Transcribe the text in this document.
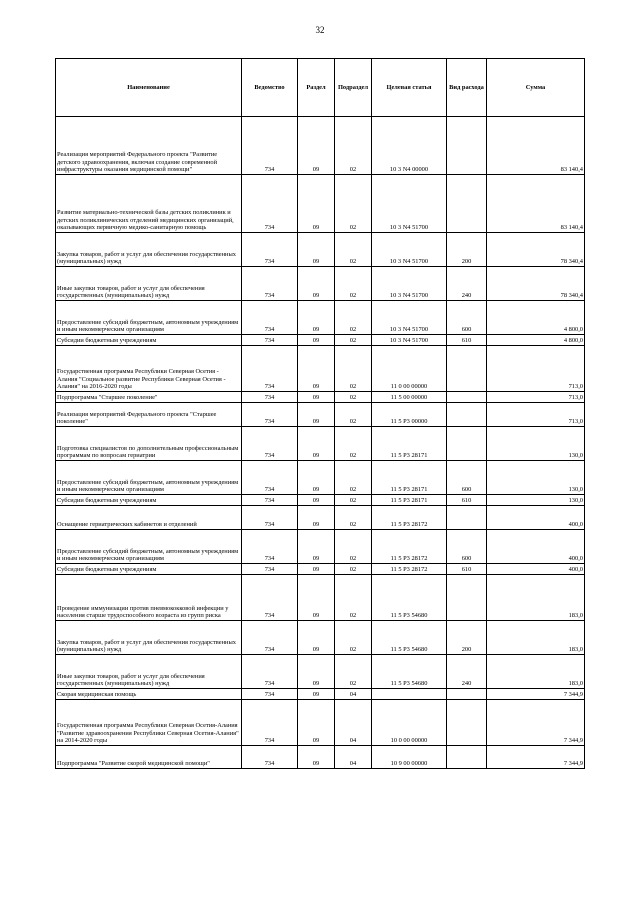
32
Наименование	Ведомство	Раздел	Подраздел	Целевая статья	Вид расхода	Сумма
Реализация мероприятий Федерального проекта "Развитие детского здравоохранения, включая создание современной инфраструктуры оказания медицинской помощи"	734	09	02	10 3 N4 00000		83 140,4
Развитие материально-технической базы детских поликлиник и детских поликлинических отделений медицинских организаций, оказывающих первичную медико-санитарную помощь	734	09	02	10 3 N4 51700		83 140,4
Закупка товаров, работ и услуг для обеспечения государственных (муниципальных) нужд	734	09	02	10 3 N4 51700	200	78 340,4
Иные закупки товаров, работ и услуг для обеспечения государственных (муниципальных) нужд	734	09	02	10 3 N4 51700	240	78 340,4
Предоставление субсидий бюджетным, автономным учреждениям и иным некоммерческим организациям	734	09	02	10 3 N4 51700	600	4 800,0
Субсидии бюджетным учреждениям	734	09	02	10 3 N4 51700	610	4 800,0
Государственная программа Республики Северная Осетия - Алания "Социальное развитие Республики Северная Осетия - Алания" на 2016-2020 годы	734	09	02	11 0 00 00000		713,0
Подпрограмма "Старшее поколение"	734	09	02	11 5 00 00000		713,0
Реализация мероприятий Федерального проекта "Старшее поколение"	734	09	02	11 5 P3 00000		713,0
Подготовка специалистов по дополнительным профессиональным программам по вопросам гериатрии	734	09	02	11 5 P3 28171		130,0
Предоставление субсидий бюджетным, автономным учреждениям и иным некоммерческим организациям	734	09	02	11 5 P3 28171	600	130,0
Субсидии бюджетным учреждениям	734	09	02	11 5 P3 28171	610	130,0
Оснащение гериатрических кабинетов и отделений	734	09	02	11 5 P3 28172		400,0
Предоставление субсидий бюджетным, автономным учреждениям и иным некоммерческим организациям	734	09	02	11 5 P3 28172	600	400,0
Субсидии бюджетным учреждениям	734	09	02	11 5 P3 28172	610	400,0
Проведение иммунизации против пневмококковой инфекции у населения старше трудоспособного возраста из групп риска	734	09	02	11 5 P3 54680		183,0
Закупка товаров, работ и услуг для обеспечения государственных (муниципальных) нужд	734	09	02	11 5 P3 54680	200	183,0
Иные закупки товаров, работ и услуг для обеспечения государственных (муниципальных) нужд	734	09	02	11 5 P3 54680	240	183,0
Скорая медицинская помощь	734	09	04			7 344,9
Государственная программа Республики Северная Осетия-Алания "Развитие здравоохранения Республики Северная Осетия-Алания" на 2014-2020 годы	734	09	04	10 0 00 00000		7 344,9
Подпрограмма "Развитие скорой медицинской помощи"	734	09	04	10 9 00 00000		7 344,9
